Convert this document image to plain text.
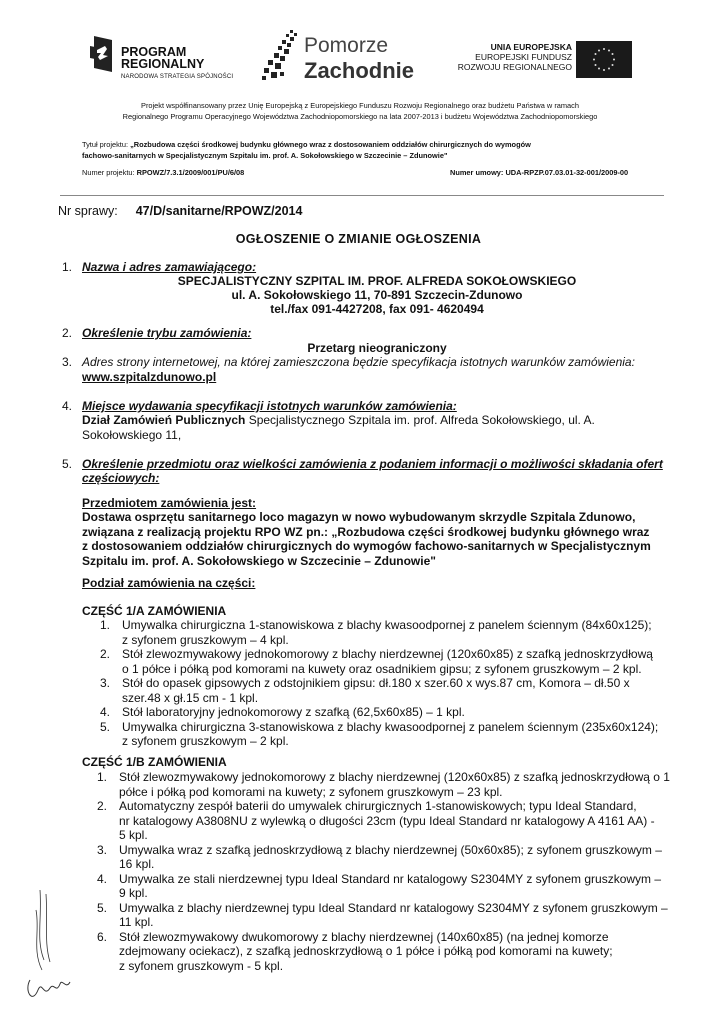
PROGRAM
REGIONALNY
NARODOWA STRATEGIA SPÓJNOŚCI
Pomorze
Zachodnie
UNIA EUROPEJSKA
EUROPEJSKI FUNDUSZ
ROZWOJU REGIONALNEGO
Projekt współfinansowany przez Unię Europejską z Europejskiego Funduszu Rozwoju Regionalnego oraz budżetu Państwa w ramach
Regionalnego Programu Operacyjnego Województwa Zachodniopomorskiego na lata 2007-2013 i budżetu Województwa Zachodniopomorskiego
Tytuł projektu: „Rozbudowa części środkowej budynku głównego wraz z dostosowaniem oddziałów chirurgicznych do wymogów
fachowo-sanitarnych w Specjalistycznym Szpitalu im. prof. A. Sokołowskiego w Szczecinie – Zdunowie"
Numer projektu: RPOWZ/7.3.1/2009/001/PU/6/08	Numer umowy: UDA-RPZP.07.03.01-32-001/2009-00
Nr sprawy: 47/D/sanitarne/RPOWZ/2014
OGŁOSZENIE O ZMIANIE OGŁOSZENIA
1. Nazwa i adres zamawiającego:
SPECJALISTYCZNY SZPITAL IM. PROF. ALFREDA SOKOŁOWSKIEGO
ul. A. Sokołowskiego 11, 70-891 Szczecin-Zdunowo
tel./fax 091-4427208, fax 091- 4620494
2. Określenie trybu zamówienia:
Przetarg nieograniczony
3. Adres strony internetowej, na której zamieszczona będzie specyfikacja istotnych warunków zamówienia:
www.szpitalzdunowo.pl
4. Miejsce wydawania specyfikacji istotnych warunków zamówienia:
Dział Zamówień Publicznych Specjalistycznego Szpitala im. prof. Alfreda Sokołowskiego, ul. A.
Sokołowskiego 11,
5. Określenie przedmiotu oraz wielkości zamówienia z podaniem informacji o możliwości składania ofert
częściowych:
Przedmiotem zamówienia jest:
Dostawa osprzętu sanitarnego loco magazyn w nowo wybudowanym skrzydle Szpitala Zdunowo,
związana z realizacją projektu RPO WZ pn.: „Rozbudowa części środkowej budynku głównego wraz
z dostosowaniem oddziałów chirurgicznych do wymogów fachowo-sanitarnych w Specjalistycznym
Szpitalu im. prof. A. Sokołowskiego w Szczecinie – Zdunowie"
Podział zamówienia na części:
CZĘŚĆ 1/A ZAMÓWIENIA
1. Umywalka chirurgiczna 1-stanowiskowa z blachy kwasoodpornej z panelem ściennym (84x60x125);
z syfonem gruszkowym – 4 kpl.
2. Stół zlewozmywakowy jednokomorowy z blachy nierdzewnej (120x60x85) z szafką jednoskrzydłową
o 1 półce i półką pod komorami na kuwety oraz osadnikiem gipsu; z syfonem gruszkowym – 2 kpl.
3. Stół do opasek gipsowych z odstojnikiem gipsu: dł.180 x szer.60 x wys.87 cm, Komora – dł.50 x
szer.48 x gł.15 cm - 1 kpl.
4. Stół laboratoryjny jednokomorowy z szafką (62,5x60x85) – 1 kpl.
5. Umywalka chirurgiczna 3-stanowiskowa z blachy kwasoodpornej z panelem ściennym (235x60x124);
z syfonem gruszkowym – 2 kpl.
CZĘŚĆ 1/B ZAMÓWIENIA
1. Stół zlewozmywakowy jednokomorowy z blachy nierdzewnej (120x60x85) z szafką jednoskrzydłową o 1
półce i półką pod komorami na kuwety; z syfonem gruszkowym – 23 kpl.
2. Automatyczny zespół baterii do umywalek chirurgicznych 1-stanowiskowych; typu Ideal Standard,
nr katalogowy A3808NU z wylewką o długości 23cm (typu Ideal Standard nr katalogowy A 4161 AA) -
5 kpl.
3. Umywalka wraz z szafką jednoskrzydłową z blachy nierdzewnej (50x60x85); z syfonem gruszkowym –
16 kpl.
4. Umywalka ze stali nierdzewnej typu Ideal Standard nr katalogowy S2304MY z syfonem gruszkowym –
9 kpl.
5. Umywalka z blachy nierdzewnej typu Ideal Standard nr katalogowy S2304MY z syfonem gruszkowym –
11 kpl.
6. Stół zlewozmywakowy dwukomorowy z blachy nierdzewnej (140x60x85) (na jednej komorze
zdejmowany ociekacz), z szafką jednoskrzydłową o 1 półce i półką pod komorami na kuwety;
z syfonem gruszkowym - 5 kpl.
